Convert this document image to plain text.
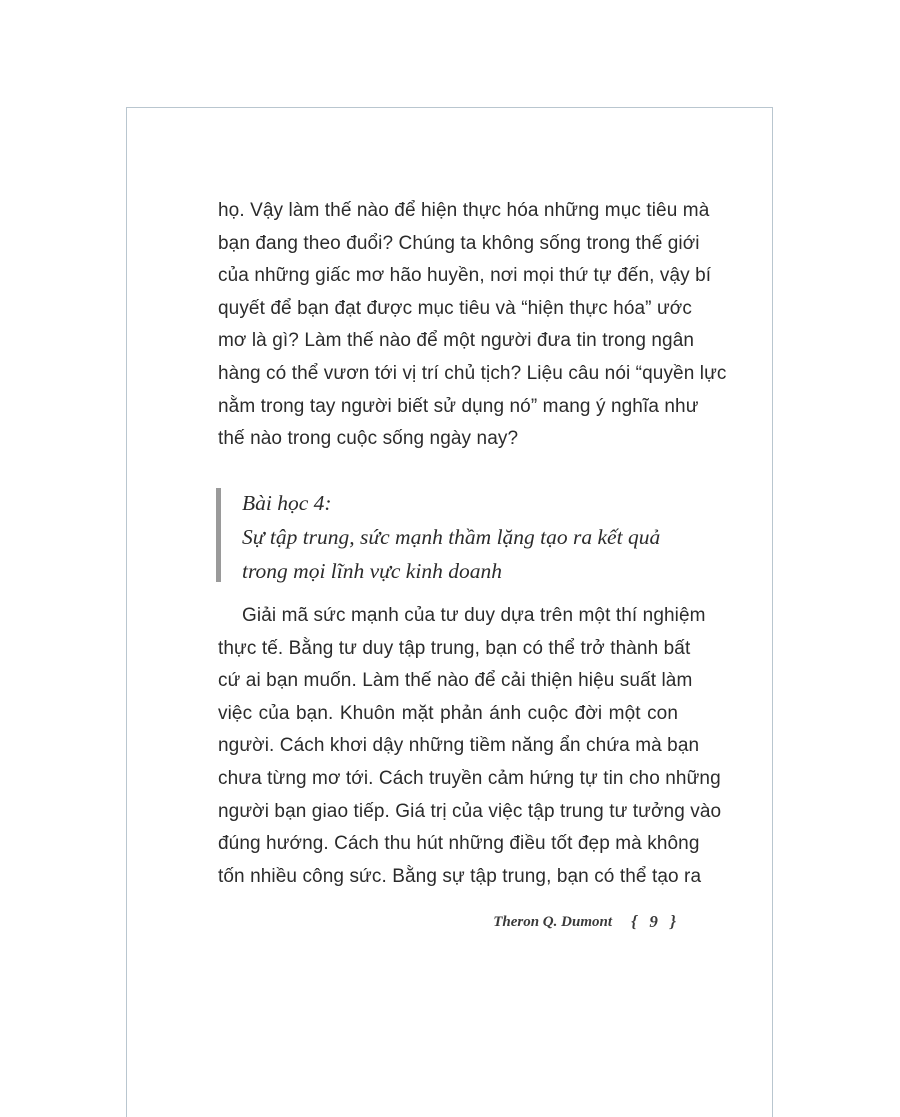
họ. Vậy làm thế nào để hiện thực hóa những mục tiêu mà
bạn đang theo đuổi? Chúng ta không sống trong thế giới
của những giấc mơ hão huyền, nơi mọi thứ tự đến, vậy bí
quyết để bạn đạt được mục tiêu và “hiện thực hóa” ước
mơ là gì? Làm thế nào để một người đưa tin trong ngân
hàng có thể vươn tới vị trí chủ tịch? Liệu câu nói “quyền lực
nằm trong tay người biết sử dụng nó” mang ý nghĩa như
thế nào trong cuộc sống ngày nay?
Bài học 4:
Sự tập trung, sức mạnh thầm lặng tạo ra kết quả
trong mọi lĩnh vực kinh doanh
Giải mã sức mạnh của tư duy dựa trên một thí nghiệm
thực tế. Bằng tư duy tập trung, bạn có thể trở thành bất
cứ ai bạn muốn. Làm thế nào để cải thiện hiệu suất làm
việc của bạn. Khuôn mặt phản ánh cuộc đời một con
người. Cách khơi dậy những tiềm năng ẩn chứa mà bạn
chưa từng mơ tới. Cách truyền cảm hứng tự tin cho những
người bạn giao tiếp. Giá trị của việc tập trung tư tưởng vào
đúng hướng. Cách thu hút những điều tốt đẹp mà không
tốn nhiều công sức. Bằng sự tập trung, bạn có thể tạo ra
Theron Q. Dumont { 9 }
